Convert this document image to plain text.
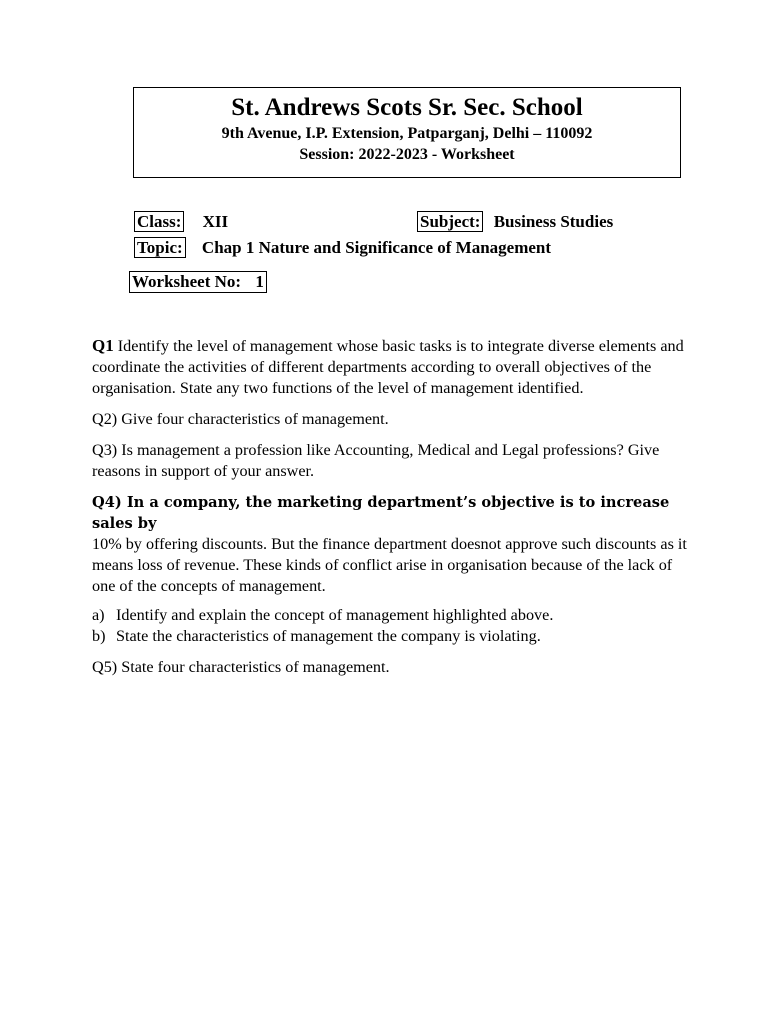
St. Andrews Scots Sr. Sec. School
9th Avenue, I.P. Extension, Patparganj, Delhi – 110092
Session: 2022-2023 - Worksheet
Class: XII	Subject: Business Studies
Topic: Chap 1 Nature and Significance of Management
Worksheet No: 1

Q1 Identify the level of management whose basic tasks is to integrate diverse elements and coordinate the activities of different departments according to overall objectives of the organisation. State any two functions of the level of management identified.

Q2) Give four characteristics of management.

Q3) Is management a profession like Accounting, Medical and Legal professions? Give reasons in support of your answer.

Q4) In a company, the marketing department’s objective is to increase sales by
10% by offering discounts. But the finance department doesnot approve such discounts as it means loss of revenue. These kinds of conflict arise in organisation because of the lack of one of the concepts of management.

a) Identify and explain the concept of management highlighted above.
b) State the characteristics of management the company is violating.

Q5) State four characteristics of management.
